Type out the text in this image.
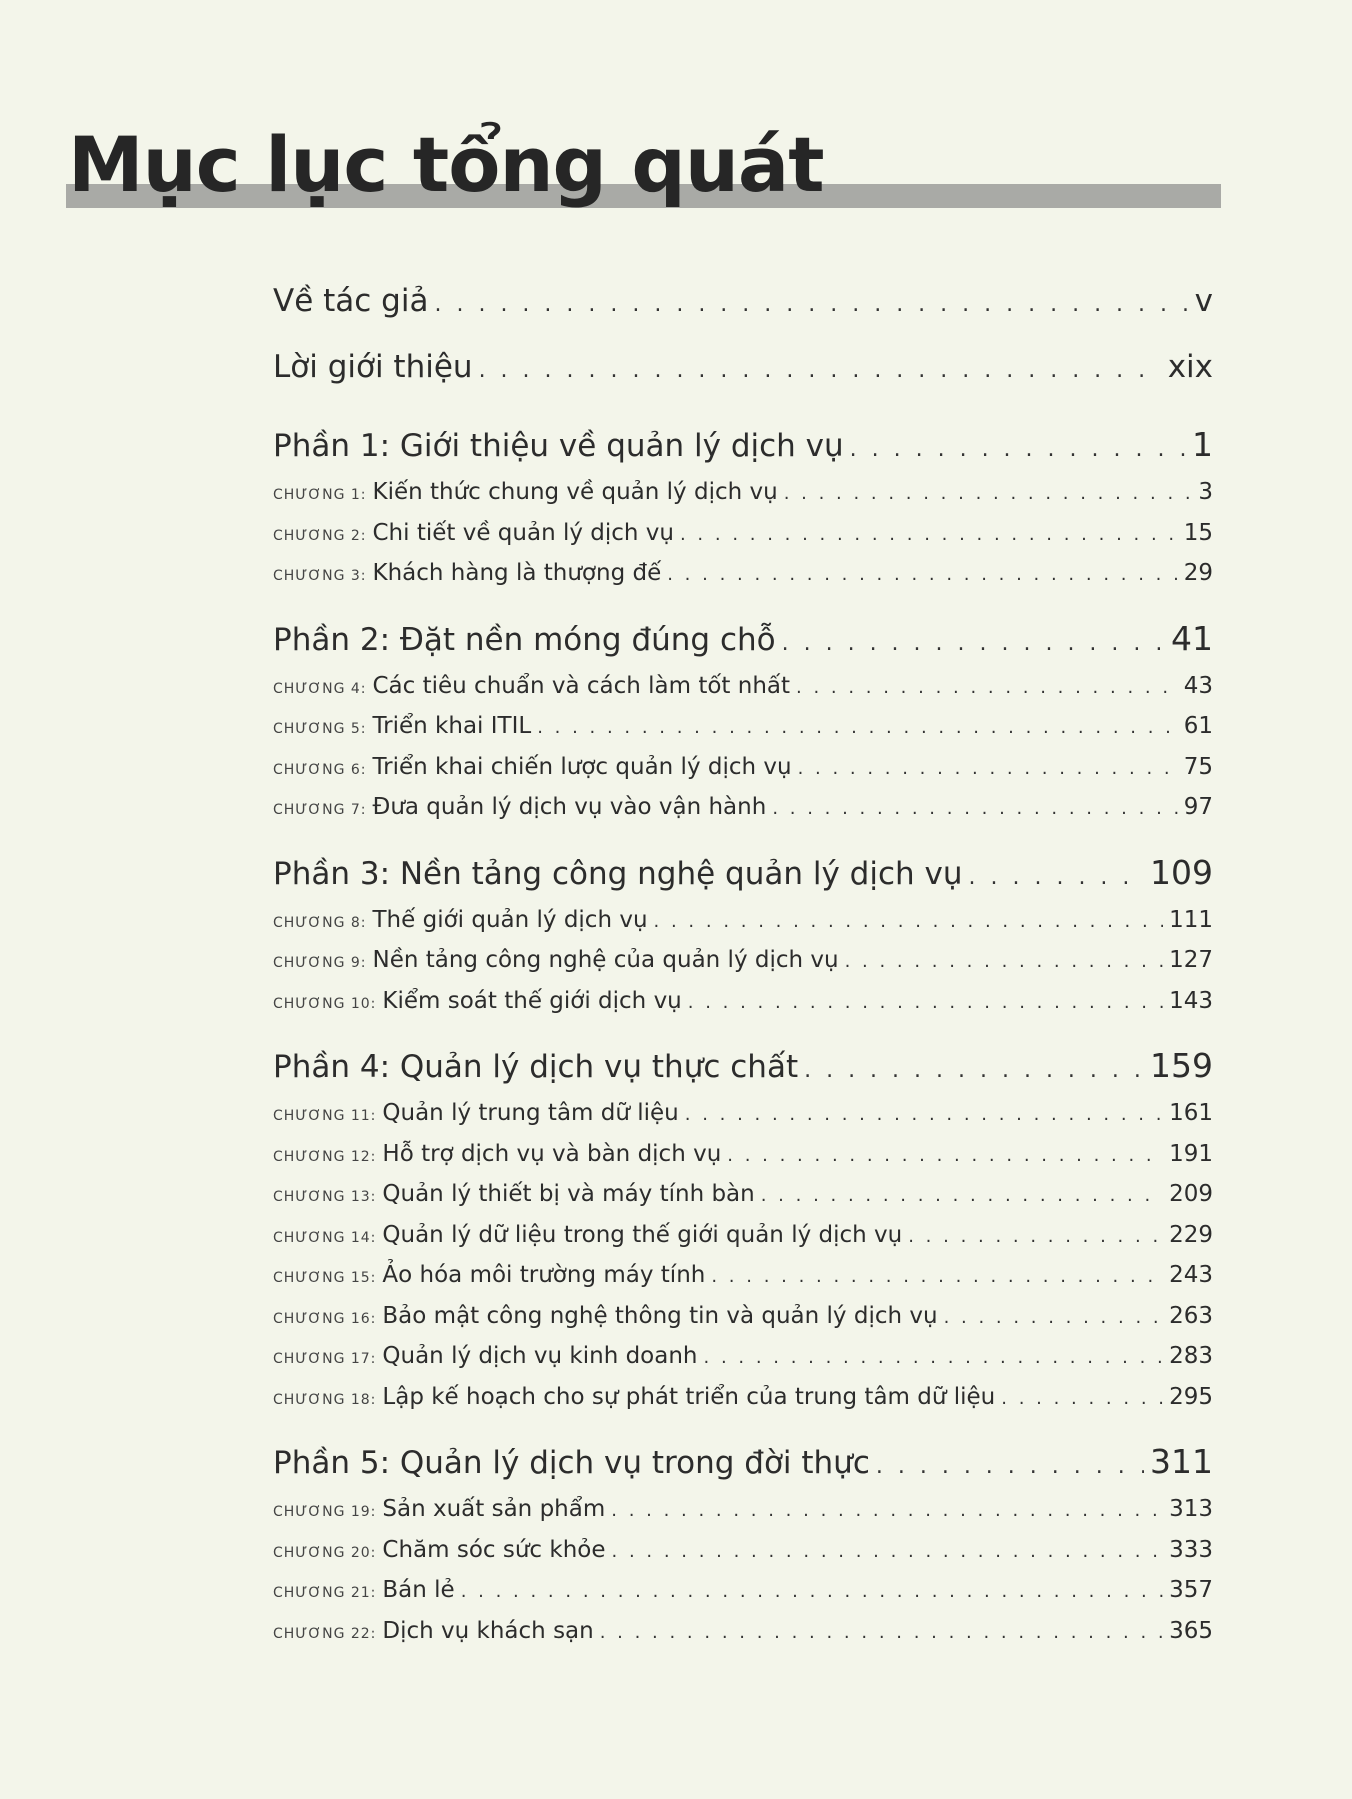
Mục lục tổng quát
Về tác giả . . .	v
Lời giới thiệu . . .	xix
Phần 1: Giới thiệu về quản lý dịch vụ . . .	1
CHƯƠNG 1: Kiến thức chung về quản lý dịch vụ . . .	3
CHƯƠNG 2: Chi tiết về quản lý dịch vụ . . .	15
CHƯƠNG 3: Khách hàng là thượng đế . . .	29
Phần 2: Đặt nền móng đúng chỗ . . .	41
CHƯƠNG 4: Các tiêu chuẩn và cách làm tốt nhất . . .	43
CHƯƠNG 5: Triển khai ITIL . . .	61
CHƯƠNG 6: Triển khai chiến lược quản lý dịch vụ . . .	75
CHƯƠNG 7: Đưa quản lý dịch vụ vào vận hành . . .	97
Phần 3: Nền tảng công nghệ quản lý dịch vụ . . .	109
CHƯƠNG 8: Thế giới quản lý dịch vụ . . .	111
CHƯƠNG 9: Nền tảng công nghệ của quản lý dịch vụ . . .	127
CHƯƠNG 10: Kiểm soát thế giới dịch vụ . . .	143
Phần 4: Quản lý dịch vụ thực chất . . .	159
CHƯƠNG 11: Quản lý trung tâm dữ liệu . . .	161
CHƯƠNG 12: Hỗ trợ dịch vụ và bàn dịch vụ . . .	191
CHƯƠNG 13: Quản lý thiết bị và máy tính bàn . . .	209
CHƯƠNG 14: Quản lý dữ liệu trong thế giới quản lý dịch vụ . . .	229
CHƯƠNG 15: Ảo hóa môi trường máy tính . . .	243
CHƯƠNG 16: Bảo mật công nghệ thông tin và quản lý dịch vụ . . .	263
CHƯƠNG 17: Quản lý dịch vụ kinh doanh . . .	283
CHƯƠNG 18: Lập kế hoạch cho sự phát triển của trung tâm dữ liệu . . .	295
Phần 5: Quản lý dịch vụ trong đời thực . . .	311
CHƯƠNG 19: Sản xuất sản phẩm . . .	313
CHƯƠNG 20: Chăm sóc sức khỏe . . .	333
CHƯƠNG 21: Bán lẻ . . .	357
CHƯƠNG 22: Dịch vụ khách sạn . . .	365
